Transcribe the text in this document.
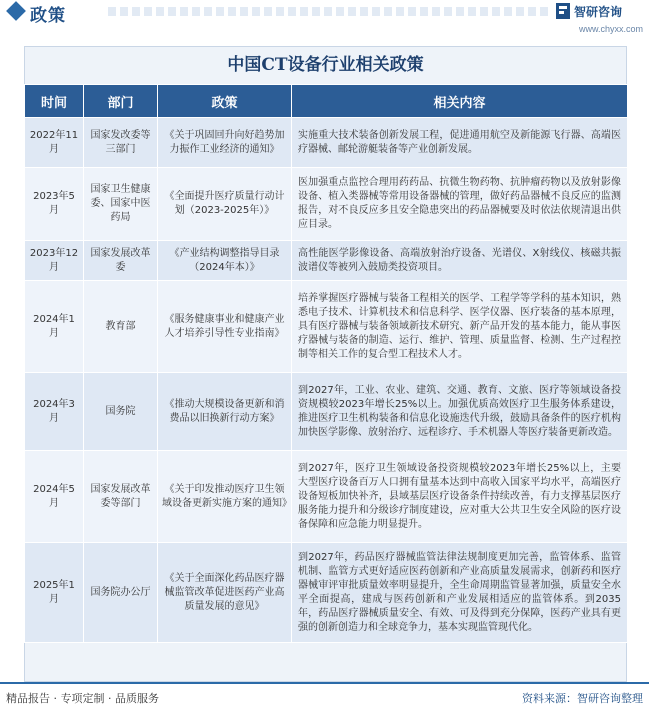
政策	智研咨询
www.chyxx.com
中国CT设备行业相关政策
时间	部门	政策	相关内容
2022年11月	国家发改委等三部门	《关于巩固回升向好趋势加力振作工业经济的通知》	实施重大技术装备创新发展工程，促进通用航空及新能源飞行器、高端医疗器械、邮轮游艇装备等产业创新发展。
2023年5月	国家卫生健康委、国家中医药局	《全面提升医疗质量行动计划（2023-2025年）》	医加强重点监控合理用药药品、抗微生物药物、抗肿瘤药物以及放射影像设备、植入类器械等常用设备器械的管理，做好药品器械不良反应的监测报告，对不良反应多且安全隐患突出的药品器械要及时依法依规清退出供应目录。
2023年12月	国家发展改革委	《产业结构调整指导目录（2024年本）》	高性能医学影像设备、高端放射治疗设备、光谱仪、X射线仪、核磁共振波谱仪等被列入鼓励类投资项目。
2024年1月	教育部	《服务健康事业和健康产业人才培养引导性专业指南》	培养掌握医疗器械与装备工程相关的医学、工程学等学科的基本知识，熟悉电子技术、计算机技术和信息科学、医学仪器、医疗装备的基本原理，具有医疗器械与装备领域新技术研究、新产品开发的基本能力，能从事医疗器械与装备的制造、运行、维护、管理、质量监督、检测、生产过程控制等相关工作的复合型工程技术人才。
2024年3月	国务院	《推动大规模设备更新和消费品以旧换新行动方案》	到2027年，工业、农业、建筑、交通、教育、文旅、医疗等领域设备投资规模较2023年增长25%以上。加强优质高效医疗卫生服务体系建设，推进医疗卫生机构装备和信息化设施迭代升级，鼓励具备条件的医疗机构加快医学影像、放射治疗、远程诊疗、手术机器人等医疗装备更新改造。
2024年5月	国家发展改革委等部门	《关于印发推动医疗卫生领域设备更新实施方案的通知》	到2027年，医疗卫生领域设备投资规模较2023年增长25%以上，主要大型医疗设备百万人口拥有量基本达到中高收入国家平均水平，高端医疗设备短板加快补齐，县域基层医疗设备条件持续改善，有力支撑基层医疗服务能力提升和分级诊疗制度建设，应对重大公共卫生安全风险的医疗设备保障和应急能力明显提升。
2025年1月	国务院办公厅	《关于全面深化药品医疗器械监管改革促进医药产业高质量发展的意见》	到2027年，药品医疗器械监管法律法规制度更加完善，监管体系、监管机制、监管方式更好适应医药创新和产业高质量发展需求，创新药和医疗器械审评审批质量效率明显提升，全生命周期监管显著加强，质量安全水平全面提高，建成与医药创新和产业发展相适应的监管体系。到2035年，药品医疗器械质量安全、有效、可及得到充分保障，医药产业具有更强的创新创造力和全球竞争力，基本实现监管现代化。
精品报告 · 专项定制 · 品质服务	资料来源：智研咨询整理
